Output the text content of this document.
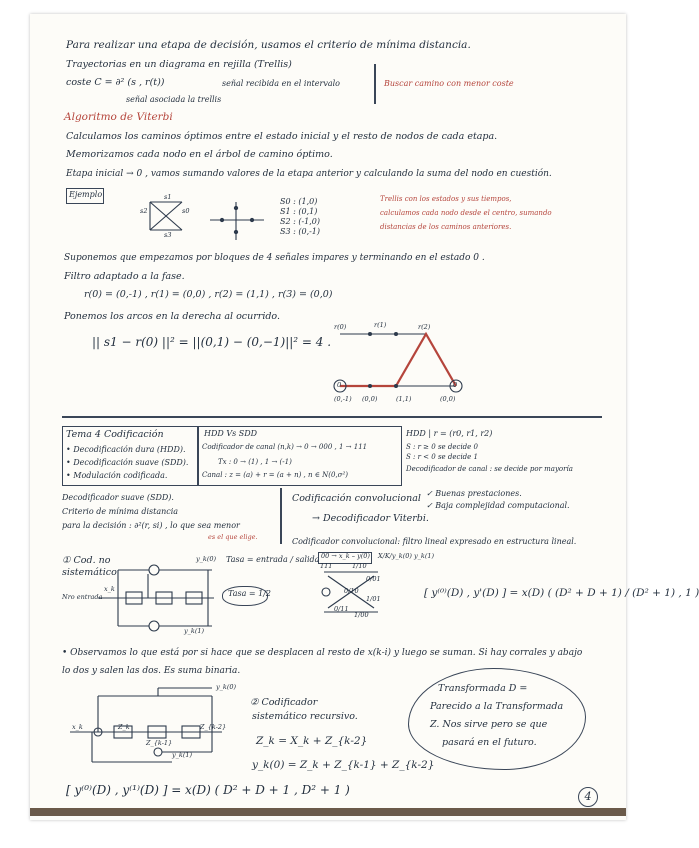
Para realizar una etapa de decisión, usamos el criterio de mínima distancia.
Trayectorias en un diagrama en rejilla (Trellis)
coste C = ∂² (s , r(t))	señal recibida en el intervalo
señal asociada la trellis
Buscar camino con menor coste
Algoritmo de Viterbi
Calculamos los caminos óptimos entre el estado inicial y el resto de nodos de cada etapa.
Memorizamos cada nodo en el árbol de camino óptimo.
Etapa inicial → 0 , vamos sumando valores de la etapa anterior y calculando la suma del nodo en cuestión.
Ejemplo	s1
s2	s0
s3
S0 : (1,0)
S1 : (0,1)
S2 : (-1,0)
S3 : (0,-1)
Trellis con los estados y sus tiempos,
calculamos cada nodo desde el centro, sumando
distancias de los caminos anteriores.
Suponemos que empezamos por bloques de 4 señales impares y terminando en el estado 0 .
Filtro adaptado a la fase.
r(0) = (0,-1) , r(1) = (0,0) , r(2) = (1,1) , r(3) = (0,0)
Ponemos los arcos en la derecha al ocurrido.
|| s1 − r(0) ||² = ||(0,1) − (0,−1)||² = 4 .
r(0)	r(1)	r(2)
0	0
(0,-1) (0,0)	(1,1)	(0,0)
Tema 4 Codificación
• Decodificación dura (HDD).
• Decodificación suave (SDD).
• Modulación codificada.
HDD Vs SDD
Codificador de canal (n,k) → 0 → 000 , 1 → 111
Tx : 0 → (1) , 1 → (-1)
Canal : z = (a) + r = (a + n) , n ∈ N(0,σ²)
HDD | r = (r0, r1, r2)
S : r ≥ 0 se decide 0
S : r < 0 se decide 1
Decodificador de canal : se decide por mayoría
Decodificador suave (SDD).
Criterio de mínima distancia
para la decisión : ∂²(r, si) , lo que sea menor
es el que elige.
Codificación convolucional ✓ Buenas prestaciones.
✓ Baja complejidad computacional.
→ Decodificador Viterbi.
Codificador convolucional: filtro lineal expresado en estructura lineal.
① Cod. no
sistemático
Tasa = entrada / salida
Tasa = 1/2
y_k(0)
x_k
y_k(1)
Nro entrada
00 → x_k – y(0) X/K/y_k(0) y_k(1)
111	1/10
0/01
0/10
1/01
0/11
1/00
[ y⁽⁰⁾(D) , y'(D) ] = x(D) ( (D² + D + 1) / (D² + 1) , 1 )
• Observamos lo que está por si hace que se desplacen al resto de x(k-i) y luego se suman. Si hay corrales y abajo lo dos y salen las dos. Es suma binaria.
y_k(0)
x_k	Z_k
Z_{k-1}
Z_{k-2}
y_k(1)
② Codificador
sistemático recursivo.
Z_k = X_k + Z_{k-2}
y_k(0) = Z_k + Z_{k-1} + Z_{k-2}
Transformada D =
Parecido a la Transformada
Z. Nos sirve pero se que
pasará en el futuro.
[ y⁽⁰⁾(D) , y⁽¹⁾(D) ] = x(D) ( D² + D + 1 , D² + 1 )	4
